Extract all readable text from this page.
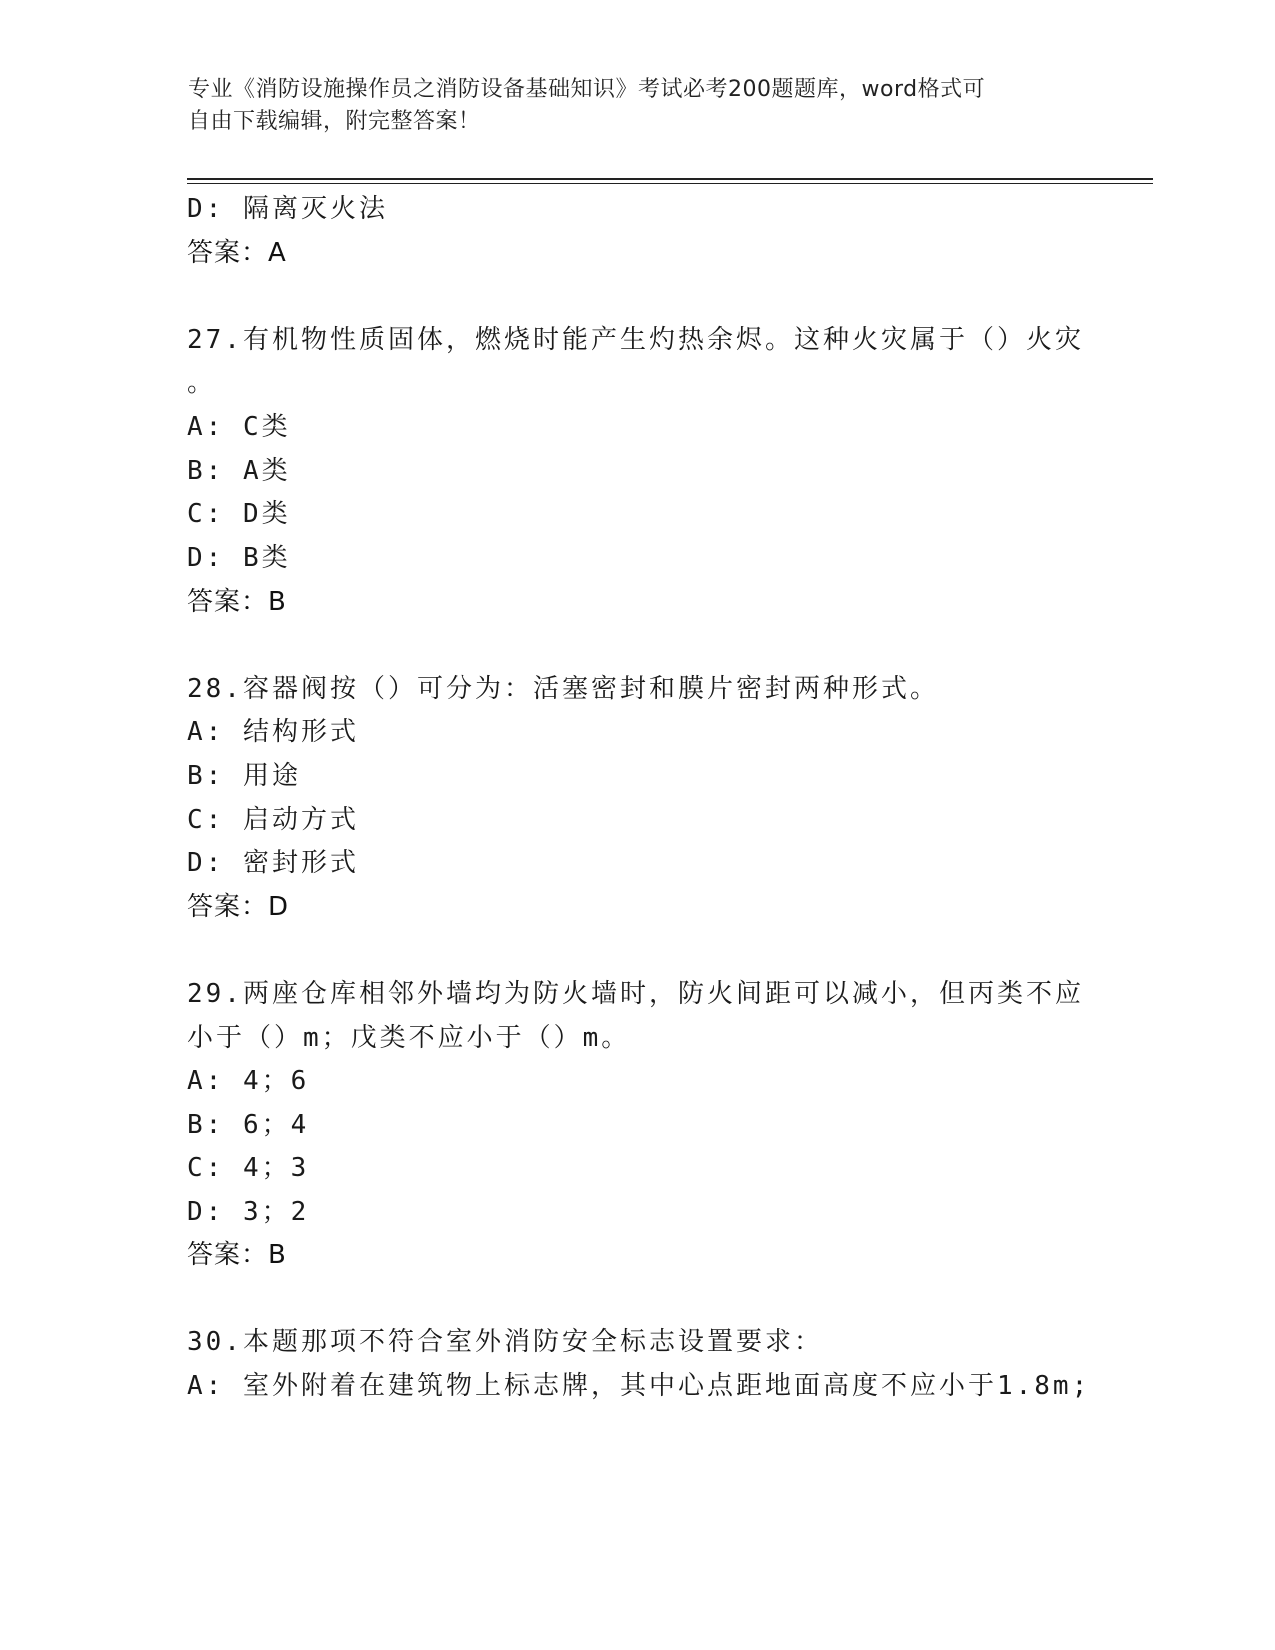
专业《消防设施操作员之消防设备基础知识》考试必考200题题库，word格式可
自由下载编辑，附完整答案！
D: 隔离灭火法
答案：A
27.有机物性质固体，燃烧时能产生灼热余烬。这种火灾属于（）火灾
。
A: C类
B: A类
C: D类
D: B类
答案：B
28.容器阀按（）可分为：活塞密封和膜片密封两种形式。
A: 结构形式
B: 用途
C: 启动方式
D: 密封形式
答案：D
29.两座仓库相邻外墙均为防火墙时，防火间距可以减小，但丙类不应
小于（）m；戊类不应小于（）m。
A: 4；6
B: 6；4
C: 4；3
D: 3；2
答案：B
30.本题那项不符合室外消防安全标志设置要求：
A: 室外附着在建筑物上标志牌，其中心点距地面高度不应小于1.8m;
